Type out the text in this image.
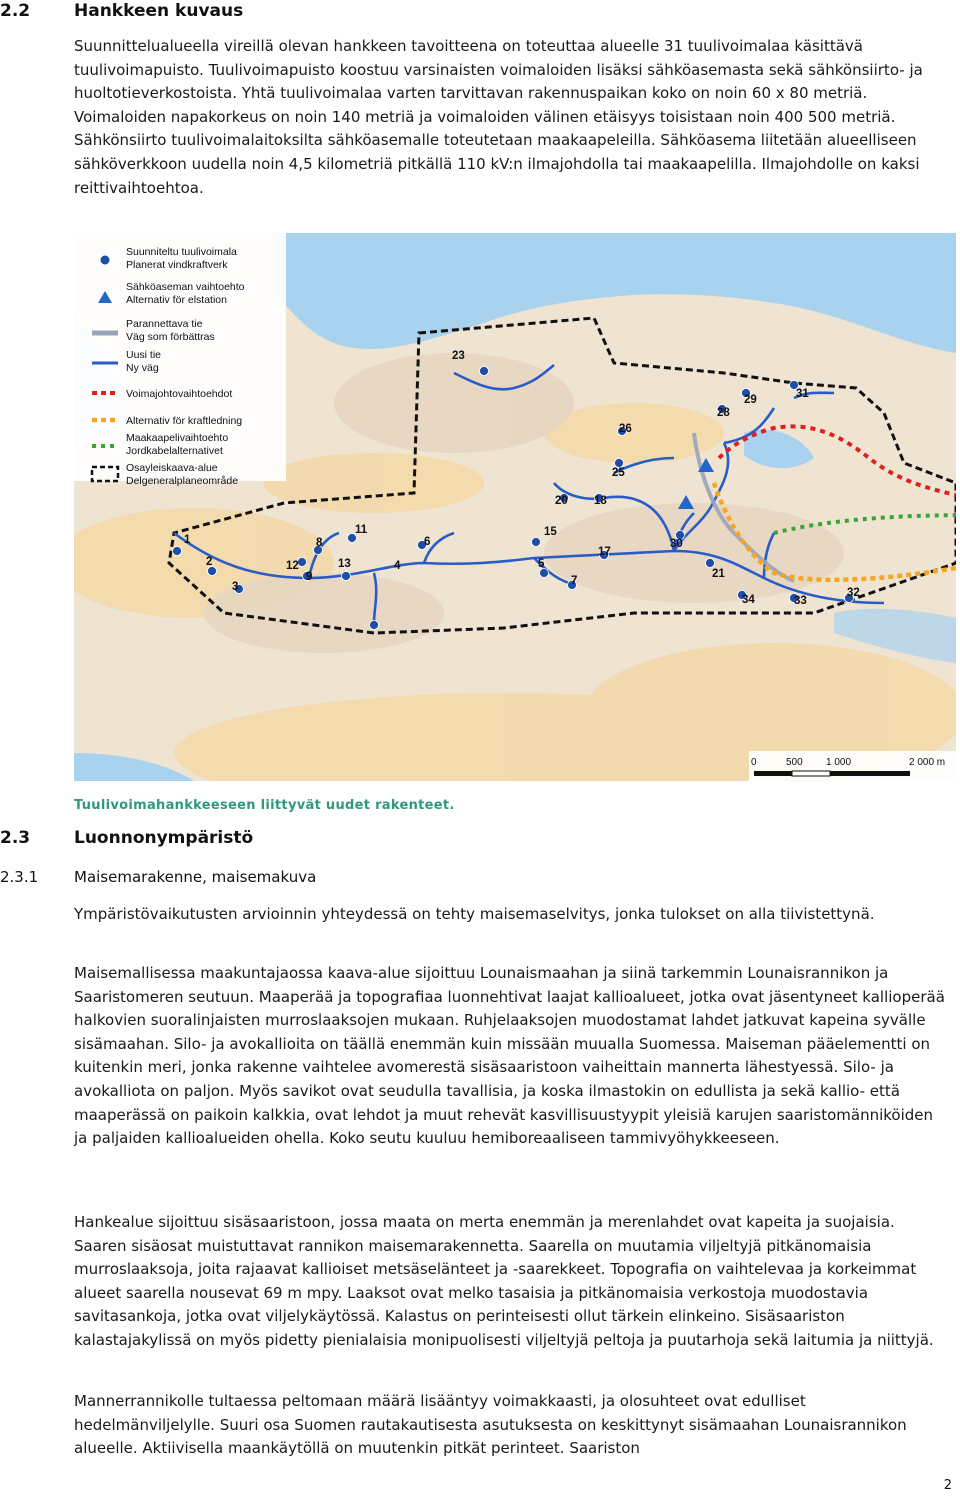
2.2	Hankkeen kuvaus
Suunnittelualueella vireillä olevan hankkeen tavoitteena on toteuttaa alueelle 31 tuulivoimalaa käsittävä tuulivoimapuisto. Tuulivoimapuisto koostuu varsinaisten voimaloiden lisäksi sähköasemasta sekä sähkönsiirto- ja huoltotieverkostoista. Yhtä tuulivoimalaa varten tarvittavan rakennuspaikan koko on noin 60 x 80 metriä. Voimaloiden napakorkeus on noin 140 metriä ja voimaloiden välinen etäisyys toisistaan noin 400 500 metriä. Sähkönsiirto tuulivoimalaitoksilta sähköasemalle toteutetaan maakaapeleilla. Sähköasema liitetään alueelliseen sähköverkkoon uudella noin 4,5 kilometriä pitkällä 110 kV:n ilmajohdolla tai maakaapelilla. Ilmajohdolle on kaksi reittivaihtoehtoa.
1
2
3
4	5
6
7
8
9
11
12	13
15
17
18
20
21
23
25
26
28
29
30
31
32
33
34
Suunniteltu tuulivoimala
Planerat vindkraftverk
Sähköaseman vaihtoehto
Alternativ för elstation
Parannettava tie
Väg som förbättras
Uusi tie
Ny väg
Voimajohtovaihtoehdot
Alternativ för kraftledning
Maakaapelivaihtoehto
Jordkabelalternativet
Osayleiskaava-alue
Delgeneralplaneområde
0	500 1 000	2 000 m
Tuulivoimahankkeeseen liittyvät uudet rakenteet.
2.3	Luonnonympäristö
2.3.1 Maisemarakenne, maisemakuva
Ympäristövaikutusten arvioinnin yhteydessä on tehty maisemaselvitys, jonka tulokset on alla tiivistettynä.
Maisemallisessa maakuntajaossa kaava-alue sijoittuu Lounaismaahan ja siinä tarkemmin Lounaisrannikon ja Saaristomeren seutuun. Maaperää ja topografiaa luonnehtivat laajat kallioalueet, jotka ovat jäsentyneet kallioperää halkovien suoralinjaisten murroslaaksojen mukaan. Ruhjelaaksojen muodostamat lahdet jatkuvat kapeina syvälle sisämaahan. Silo- ja avokallioita on täällä enemmän kuin missään muualla Suomessa. Maiseman pääelementti on kuitenkin meri, jonka rakenne vaihtelee avomerestä sisäsaaristoon vaiheittain mannerta lähestyessä. Silo- ja avokalliota on paljon. Myös savikot ovat seudulla tavallisia, ja koska ilmastokin on edullista ja sekä kallio- että maaperässä on paikoin kalkkia, ovat lehdot ja muut rehevät kasvillisuustyypit yleisiä karujen saaristomänniköiden ja paljaiden kallioalueiden ohella. Koko seutu kuuluu hemiboreaaliseen tammivyöhykkeeseen.
Hankealue sijoittuu sisäsaaristoon, jossa maata on merta enemmän ja merenlahdet ovat kapeita ja suojaisia. Saaren sisäosat muistuttavat rannikon maisemarakennetta. Saarella on muutamia viljeltyjä pitkänomaisia murroslaaksoja, joita rajaavat kallioiset metsäselänteet ja -saarekkeet. Topografia on vaihtelevaa ja korkeimmat alueet saarella nousevat 69 m mpy. Laaksot ovat melko tasaisia ja pitkänomaisia verkostoja muodostavia savitasankoja, jotka ovat viljelykäytössä. Kalastus on perinteisesti ollut tärkein elinkeino. Sisäsaariston kalastajakylissä on myös pidetty pienialaisia monipuolisesti viljeltyjä peltoja ja puutarhoja sekä laitumia ja niittyjä.
Mannerrannikolle tultaessa peltomaan määrä lisääntyy voimakkaasti, ja olosuhteet ovat edulliset hedelmänviljelylle. Suuri osa Suomen rautakautisesta asutuksesta on keskittynyt sisämaahan Lounaisrannikon alueelle. Aktiivisella maankäytöllä on muutenkin pitkät perinteet. Saariston
2
